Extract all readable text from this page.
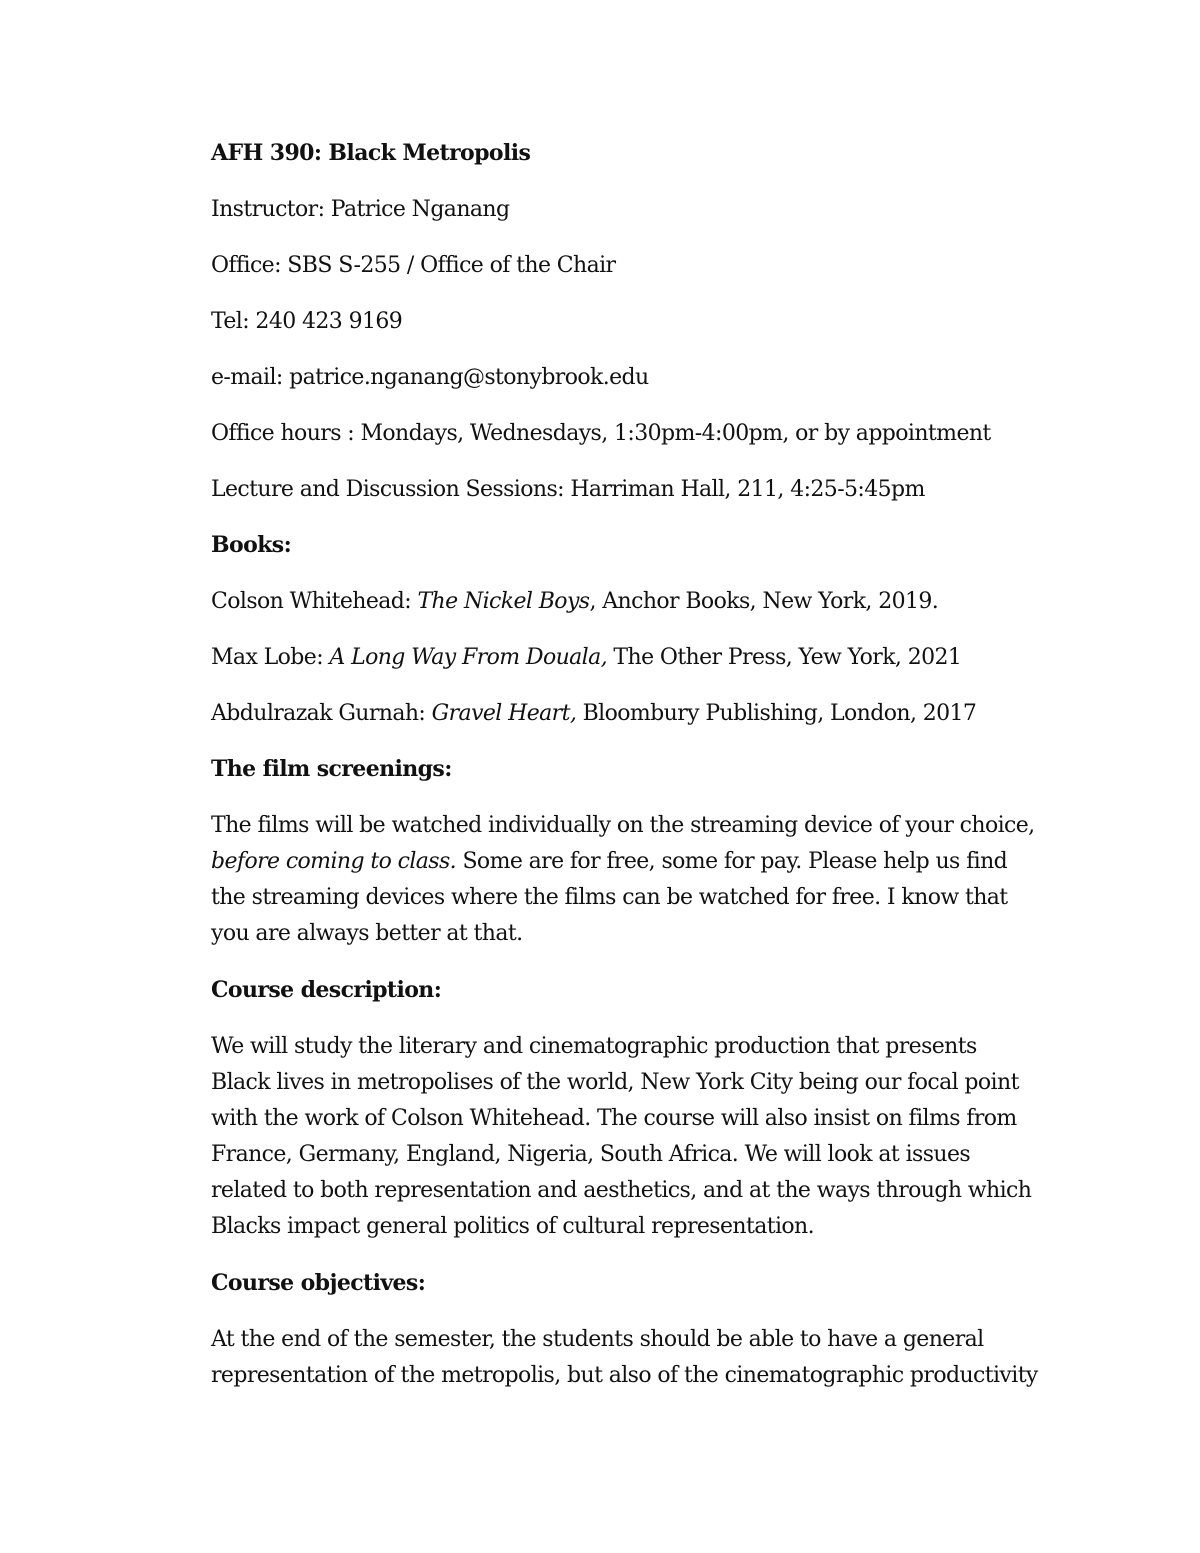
AFH 390: Black Metropolis
Instructor: Patrice Nganang
Office: SBS S-255 / Office of the Chair
Tel: 240 423 9169
e-mail: patrice.nganang@stonybrook.edu
Office hours : Mondays, Wednesdays, 1:30pm-4:00pm, or by appointment
Lecture and Discussion Sessions: Harriman Hall, 211, 4:25-5:45pm
Books:
Colson Whitehead: The Nickel Boys, Anchor Books, New York, 2019.
Max Lobe: A Long Way From Douala, The Other Press, Yew York, 2021
Abdulrazak Gurnah: Gravel Heart, Bloombury Publishing, London, 2017
The film screenings:

The films will be watched individually on the streaming device of your choice, before coming to class. Some are for free, some for pay. Please help us find the streaming devices where the films can be watched for free. I know that you are always better at that.

Course description:

We will study the literary and cinematographic production that presents Black lives in metropolises of the world, New York City being our focal point with the work of Colson Whitehead. The course will also insist on films from France, Germany, England, Nigeria, South Africa. We will look at issues related to both representation and aesthetics, and at the ways through which Blacks impact general politics of cultural representation.

Course objectives:

At the end of the semester, the students should be able to have a general representation of the metropolis, but also of the cinematographic productivity
